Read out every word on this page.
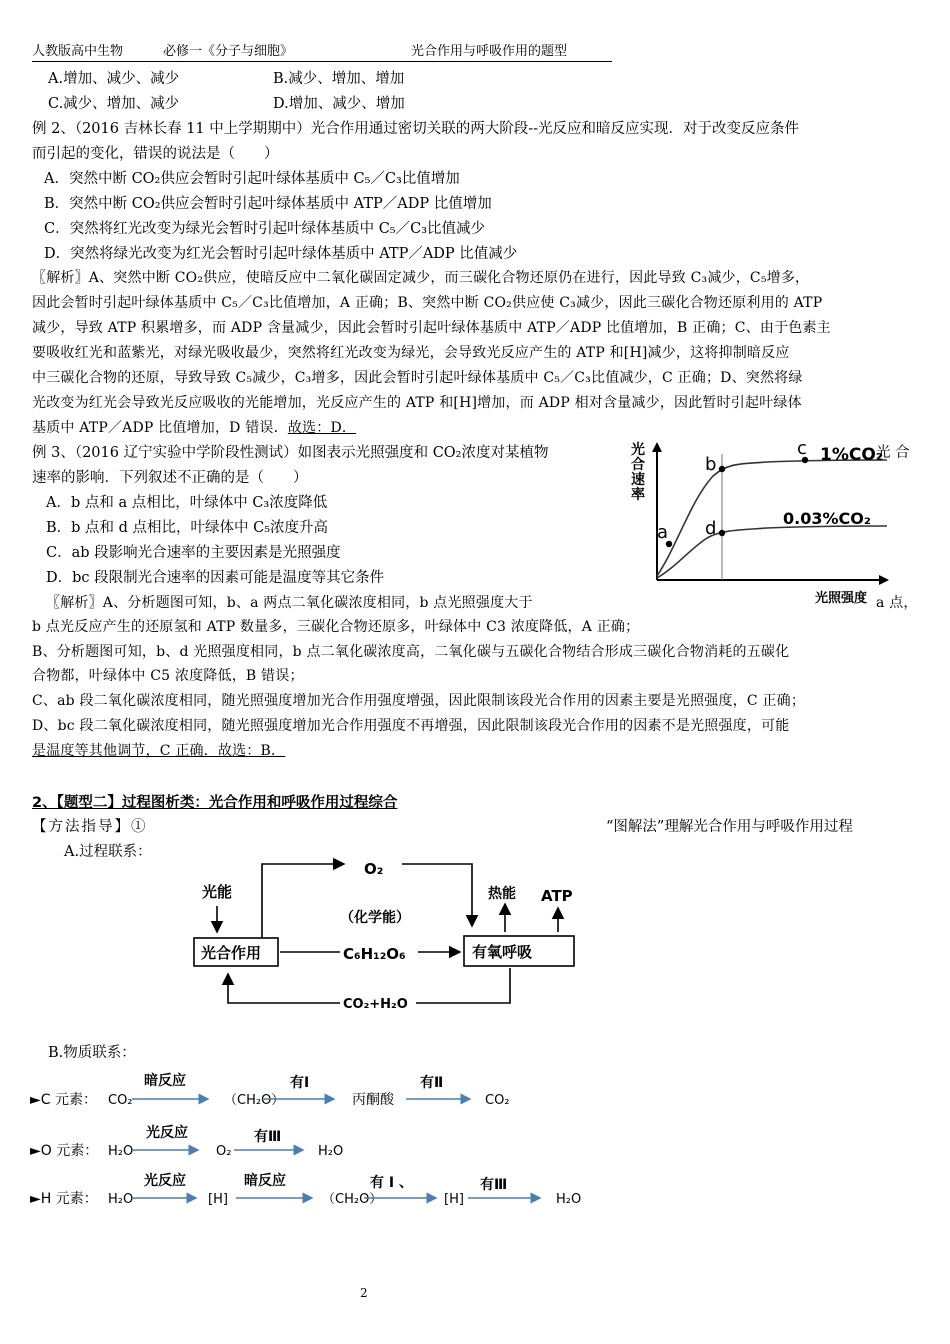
人教版高中生物	必修一《分子与细胞》	光合作用与呼吸作用的题型
A.增加、减少、减少	B.减少、增加、增加
C.减少、增加、减少	D.增加、减少、增加
例 2、（2016 吉林长春 11 中上学期期中）光合作用通过密切关联的两大阶段--光反应和暗反应实现．对于改变反应条件
而引起的变化，错误的说法是（　　）
A．突然中断 CO₂供应会暂时引起叶绿体基质中 C₅／C₃比值增加
B．突然中断 CO₂供应会暂时引起叶绿体基质中 ATP／ADP 比值增加
C．突然将红光改变为绿光会暂时引起叶绿体基质中 C₅／C₃比值减少
D．突然将绿光改变为红光会暂时引起叶绿体基质中 ATP／ADP 比值减少
〖解析〗A、突然中断 CO₂供应，使暗反应中二氧化碳固定减少，而三碳化合物还原仍在进行，因此导致 C₃减少，C₅增多，
因此会暂时引起叶绿体基质中 C₅／C₃比值增加，A 正确；B、突然中断 CO₂供应使 C₃减少，因此三碳化合物还原利用的 ATP
减少，导致 ATP 积累增多，而 ADP 含量减少，因此会暂时引起叶绿体基质中 ATP／ADP 比值增加，B 正确；C、由于色素主
要吸收红光和蓝紫光，对绿光吸收最少，突然将红光改变为绿光，会导致光反应产生的 ATP 和[H]减少，这将抑制暗反应
中三碳化合物的还原，导致导致 C₅减少，C₃增多，因此会暂时引起叶绿体基质中 C₅／C₃比值减少，C 正确；D、突然将绿
光改变为红光会导致光反应吸收的光能增加，光反应产生的 ATP 和[H]增加，而 ADP 相对含量减少，因此暂时引起叶绿体
基质中 ATP／ADP 比值增加，D 错误．故选：D．
例 3、（2016 辽宁实验中学阶段性测试）如图表示光照强度和 CO₂浓度对某植物	光 合
速率的影响．下列叙述不正确的是（　　）
A．b 点和 a 点相比，叶绿体中 C₃浓度降低
B．b 点和 d 点相比，叶绿体中 C₅浓度升高
C．ab 段影响光合速率的主要因素是光照强度
D．bc 段限制光合速率的因素可能是温度等其它条件
光合速率
光照强度
a
b
c
d
1%CO₂
0.03%CO₂
〖解析〗A、分析题图可知，b、a 两点二氧化碳浓度相同，b 点光照强度大于	a 点，
b 点光反应产生的还原氢和 ATP 数量多，三碳化合物还原多，叶绿体中 C3 浓度降低，A 正确；
B、分析题图可知，b、d 光照强度相同，b 点二氧化碳浓度高，二氧化碳与五碳化合物结合形成三碳化合物消耗的五碳化
合物都，叶绿体中 C5 浓度降低，B 错误；
C、ab 段二氧化碳浓度相同，随光照强度增加光合作用强度增强，因此限制该段光合作用的因素主要是光照强度，C 正确；
D、bc 段二氧化碳浓度相同，随光照强度增加光合作用强度不再增强，因此限制该段光合作用的因素不是光照强度，可能
是温度等其他调节，C 正确．故选：B．
2、【题型二】过程图析类：光合作用和呼吸作用过程综合
【方法指导】①	“图解法”理解光合作用与呼吸作用过程
A.过程联系：
O₂
光能
（化学能）
光合作用	C₆H₁₂O₆	有氧呼吸
热能 ATP
CO₂+H₂O
B.物质联系：
►C 元素： CO₂
暗反应
（CH₂O）
有Ⅰ
丙酮酸
有Ⅱ
CO₂
►O 元素： H₂O
光反应
O₂
有Ⅲ
H₂O
►H 元素： H₂O
光反应
[H]
暗反应
（CH₂O）
有 Ⅰ 、
[H]
有Ⅲ
H₂O
2
